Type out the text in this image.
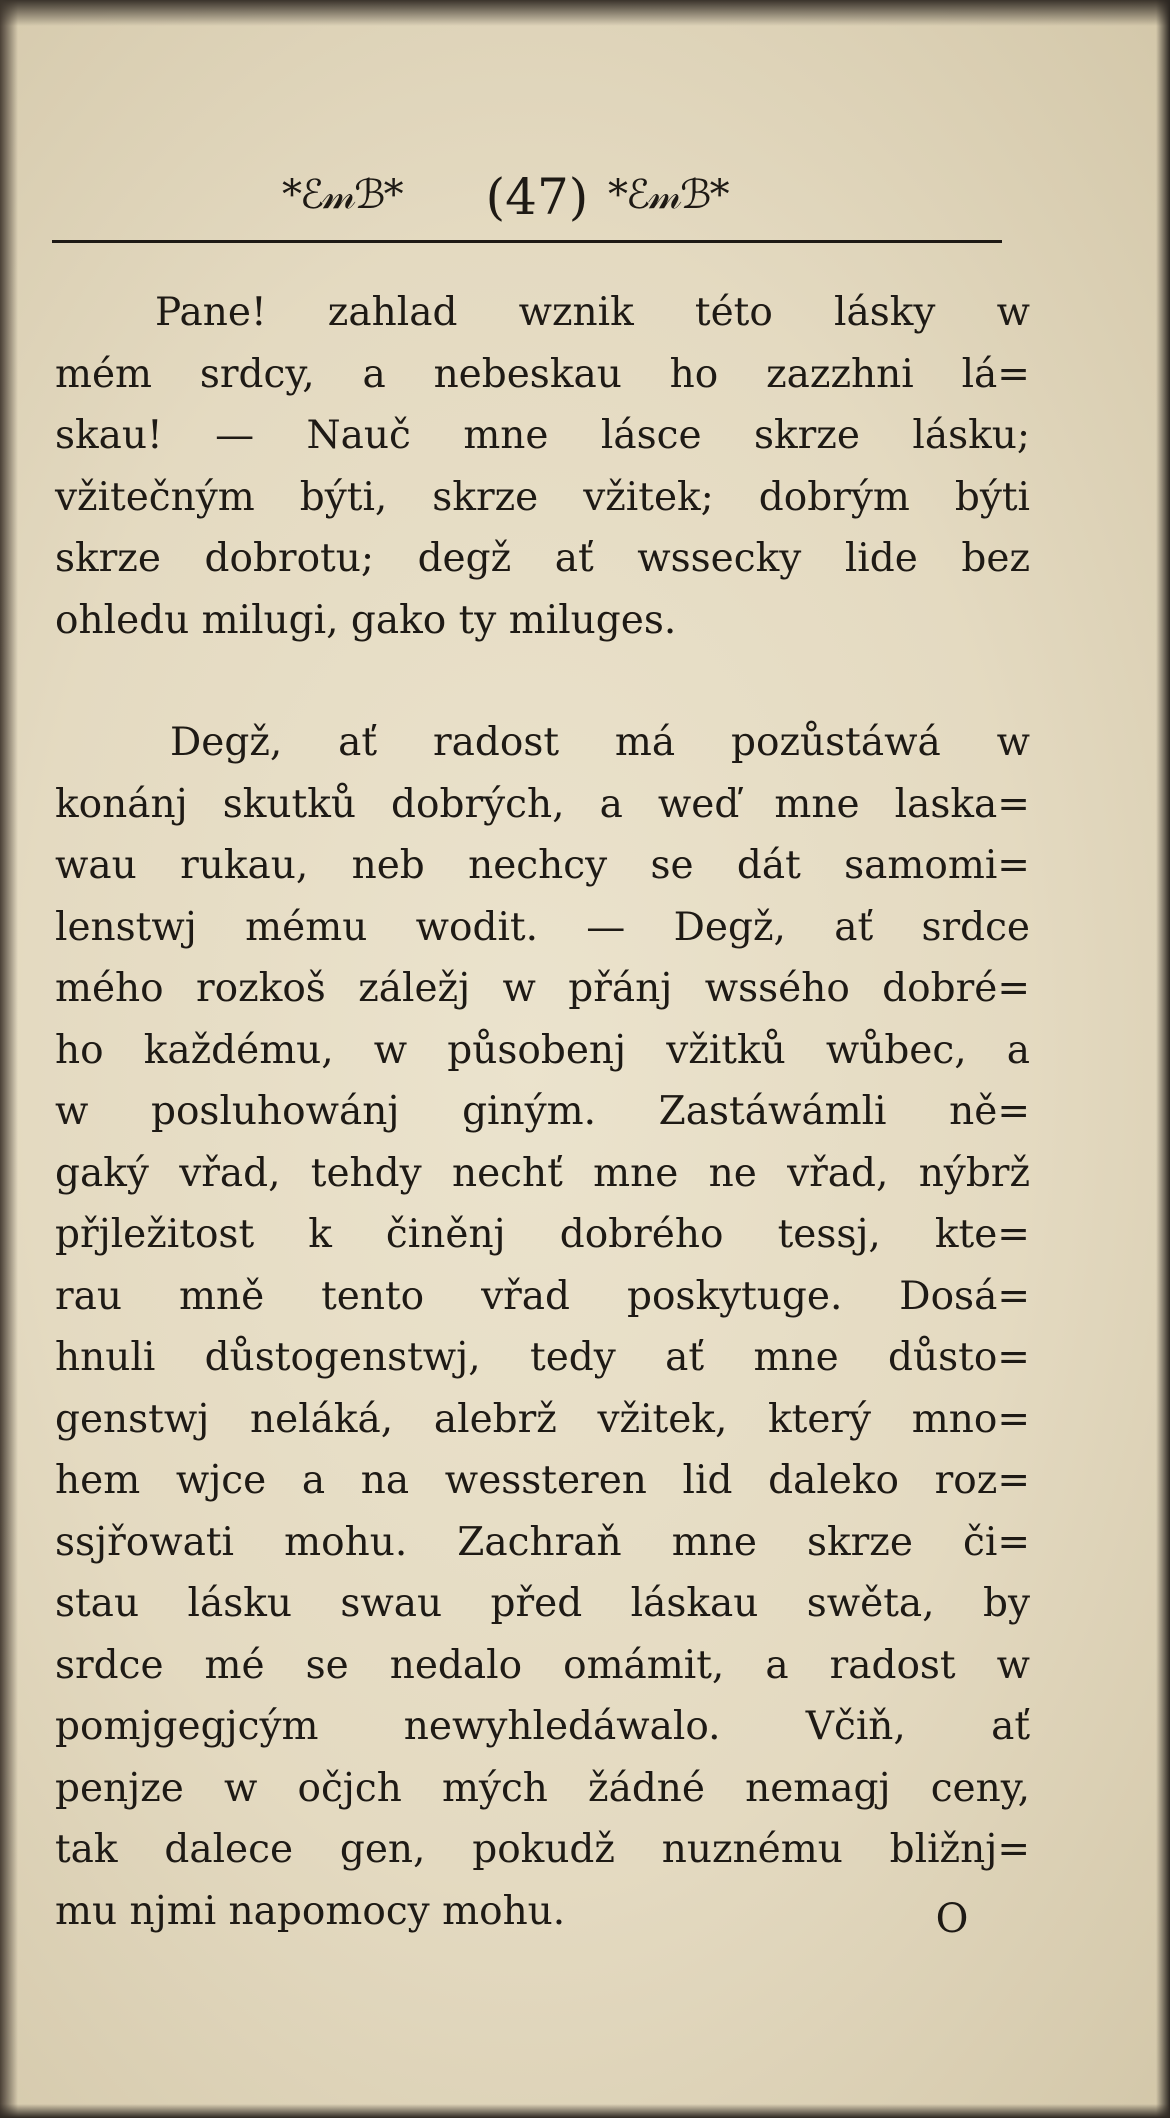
*ℰ𝓂ℬ*	(47) *ℰ𝓂ℬ*

Pane! zahlad wznik této lásky w

mém srdcy, a nebeskau ho zazzhni lá=

skau! — Nauč mne lásce skrze lásku;

vžitečným býti, skrze vžitek; dobrým býti

skrze dobrotu; degž ať wssecky lide bez

ohledu milugi, gako ty miluges.

Degž, ať radost má pozůstáwá w

konánj skutků dobrých, a weď mne laska=

wau rukau, neb nechcy se dát samomi=

lenstwj mému wodit. — Degž, ať srdce

mého rozkoš záležj w přánj wssého dobré=

ho každému, w působenj vžitků wůbec, a

w posluhowánj giným. Zastáwámli ně=

gaký vřad, tehdy nechť mne ne vřad, nýbrž

přjležitost k činěnj dobrého tessj, kte=

rau mně tento vřad poskytuge. Dosá=

hnuli důstogenstwj, tedy ať mne důsto=

genstwj neláká, alebrž vžitek, který mno=

hem wjce a na wessteren lid daleko roz=

ssjřowati mohu. Zachraň mne skrze či=

stau lásku swau před láskau swěta, by

srdce mé se nedalo omámit, a radost w

pomjgegjcým newyhledáwalo. Včiň, ať

penjze w očjch mých žádné nemagj ceny,

tak dalece gen, pokudž nuznému bližnj=

mu njmi napomocy mohu.	O
